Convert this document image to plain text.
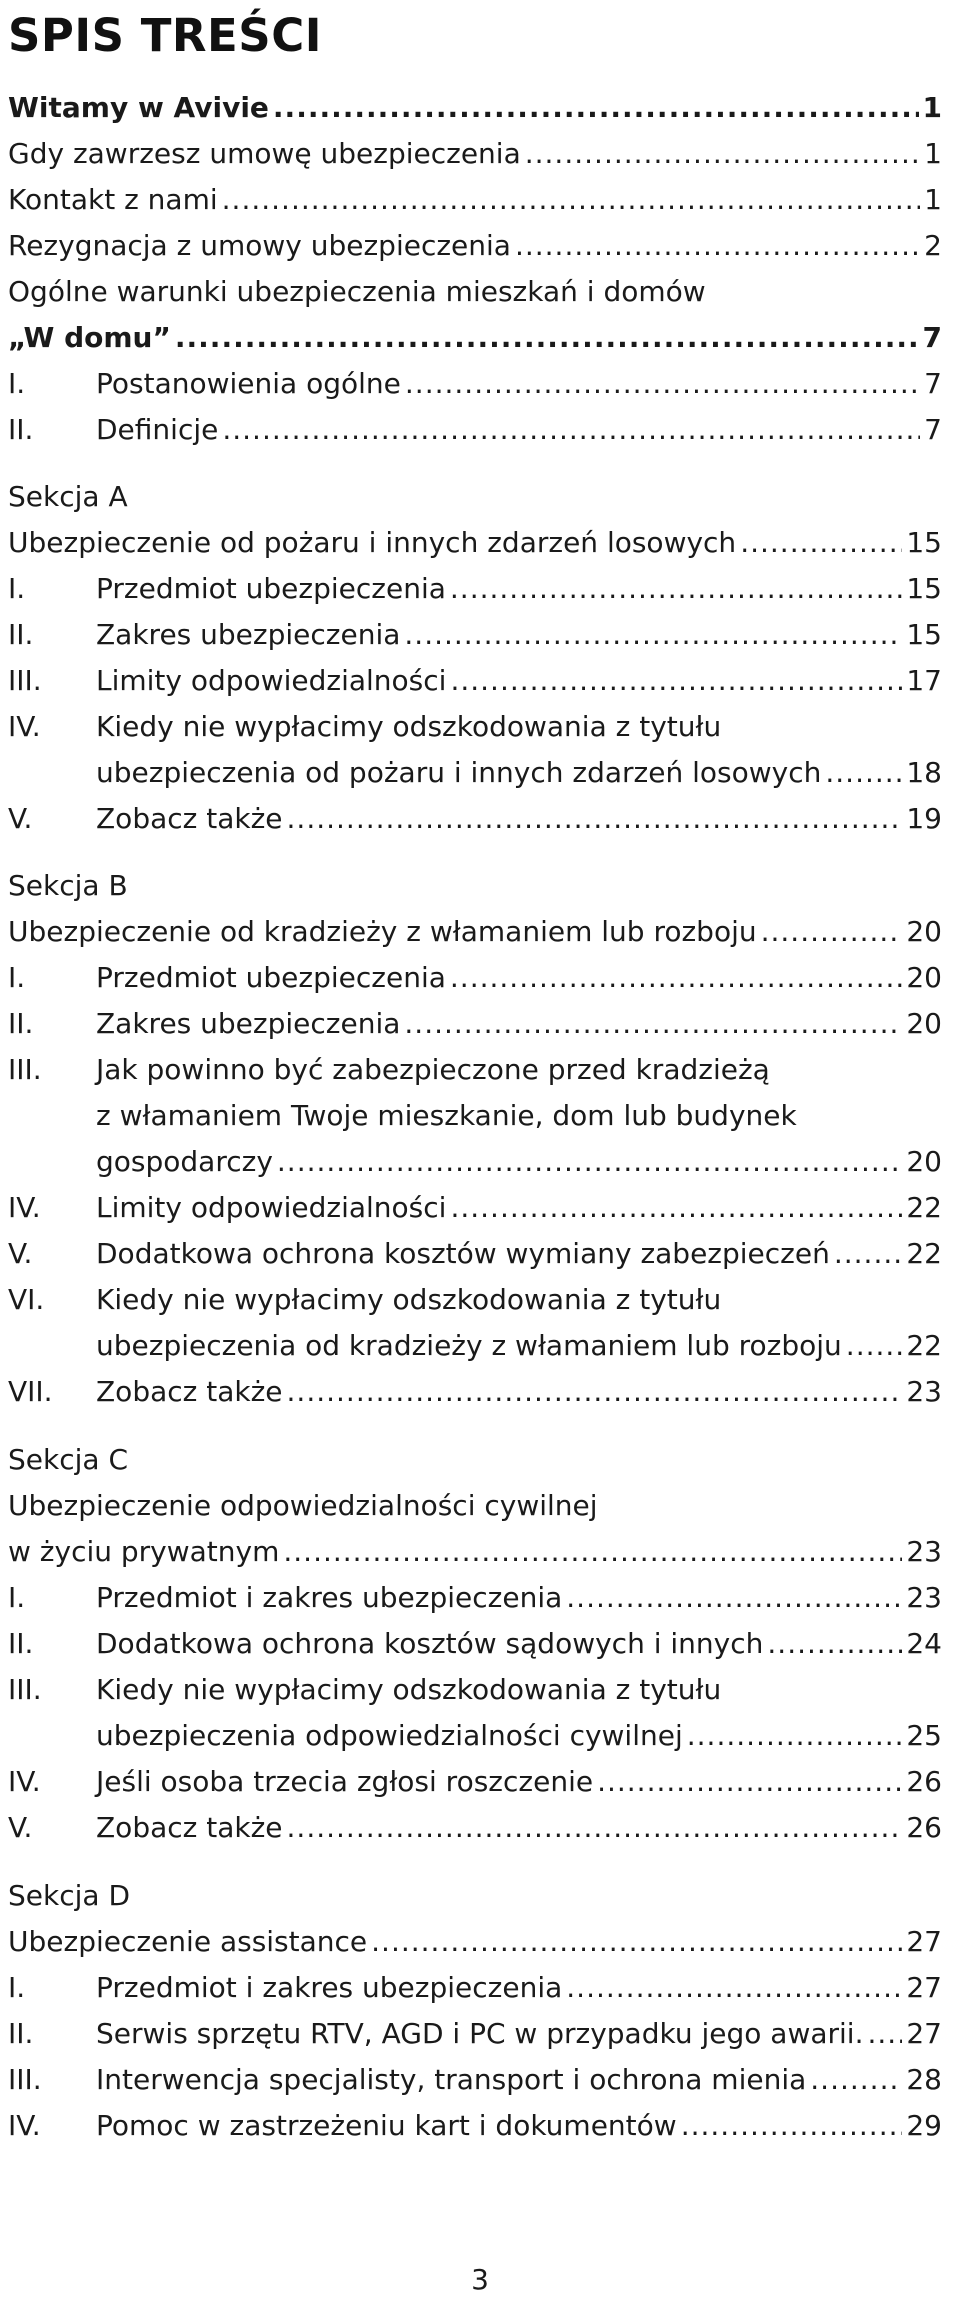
SPIS TREŚCI
Witamy w Avivie .....	1
Gdy zawrzesz umowę ubezpieczenia .....	1
Kontakt z nami .....	1
Rezygnacja z umowy ubezpieczenia .....	2
Ogólne warunki ubezpieczenia mieszkań i domów
„W domu” .....	7
I.	Postanowienia ogólne .....	7
II.	Definicje .....	7
Sekcja A
Ubezpieczenie od pożaru i innych zdarzeń losowych .....	15
I.	Przedmiot ubezpieczenia .....	15
II.	Zakres ubezpieczenia .....	15
III.	Limity odpowiedzialności .....	17
IV.	Kiedy nie wypłacimy odszkodowania z tytułu
ubezpieczenia od pożaru i innych zdarzeń losowych .....	18
V.	Zobacz także .....	19
Sekcja B
Ubezpieczenie od kradzieży z włamaniem lub rozboju .....	20
I.	Przedmiot ubezpieczenia .....	20
II.	Zakres ubezpieczenia .....	20
III.	Jak powinno być zabezpieczone przed kradzieżą
z włamaniem Twoje mieszkanie, dom lub budynek
gospodarczy .....	20
IV.	Limity odpowiedzialności .....	22
V.	Dodatkowa ochrona kosztów wymiany zabezpieczeń .....	22
VI.	Kiedy nie wypłacimy odszkodowania z tytułu
ubezpieczenia od kradzieży z włamaniem lub rozboju ..... 22
VII.	Zobacz także .....	23
Sekcja C
Ubezpieczenie odpowiedzialności cywilnej
w życiu prywatnym .....	23
I.	Przedmiot i zakres ubezpieczenia .....	23
II.	Dodatkowa ochrona kosztów sądowych i innych .....	24
III.	Kiedy nie wypłacimy odszkodowania z tytułu
ubezpieczenia odpowiedzialności cywilnej .....	25
IV.	Jeśli osoba trzecia zgłosi roszczenie .....	26
V.	Zobacz także .....	26
Sekcja D
Ubezpieczenie assistance .....	27
I.	Przedmiot i zakres ubezpieczenia .....	27
II.	Serwis sprzętu RTV, AGD i PC w przypadku jego awarii. ..... 27
III.	Interwencja specjalisty, transport i ochrona mienia .....	28
IV.	Pomoc w zastrzeżeniu kart i dokumentów .....	29
3
